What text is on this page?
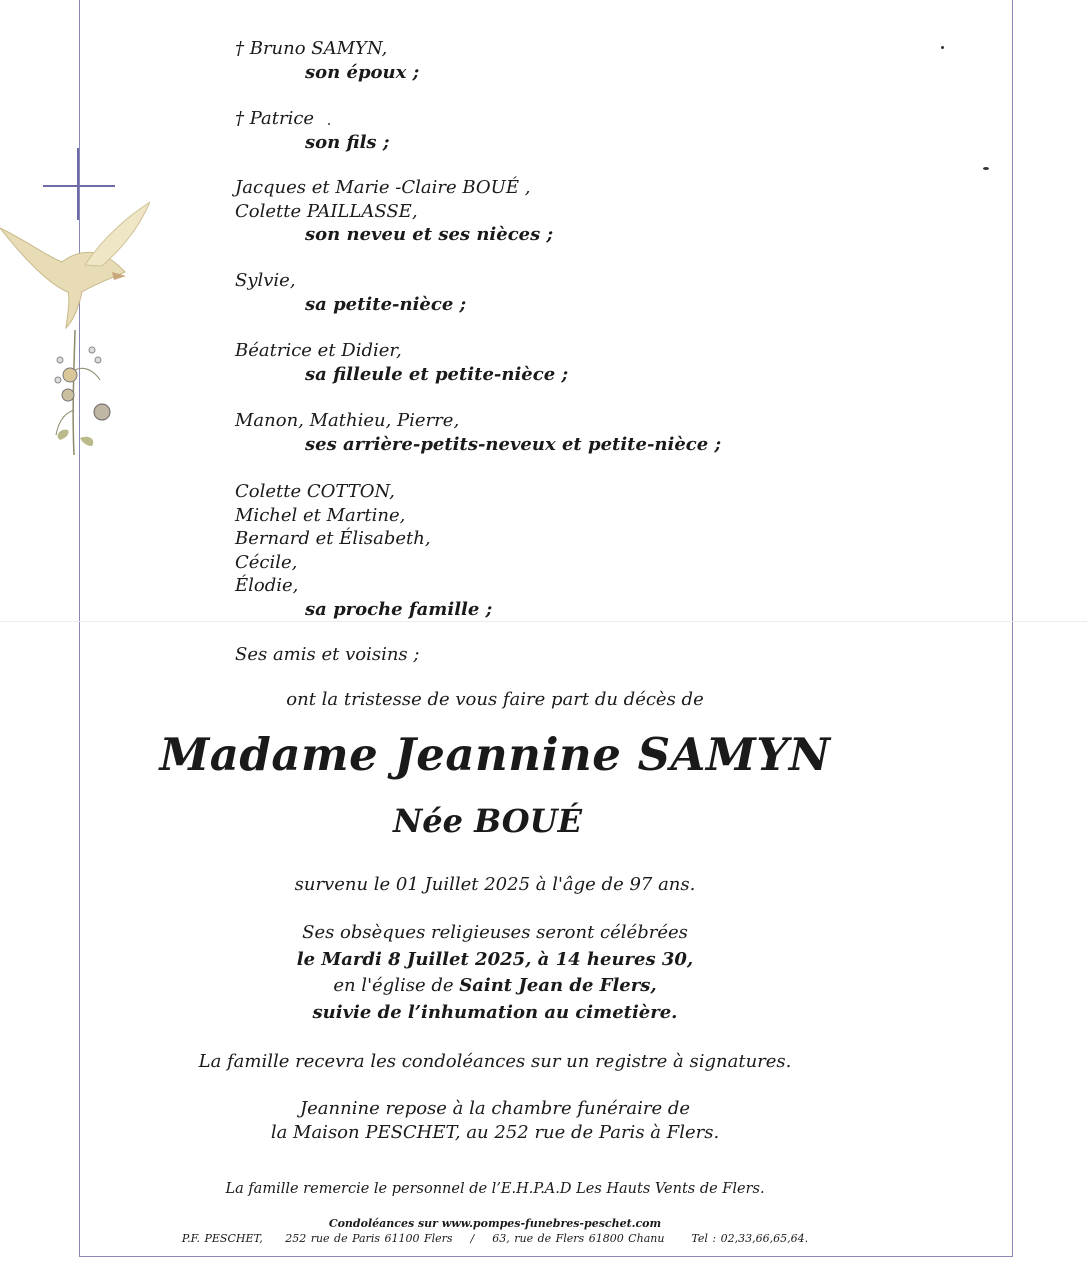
† Bruno SAMYN,
son époux ;
† Patrice
son fils ;
Jacques et Marie -Claire BOUÉ ,
Colette PAILLASSE,
son neveu et ses nièces ;
Sylvie,
sa petite-nièce ;
Béatrice et Didier,
sa filleule et petite-nièce ;
Manon, Mathieu, Pierre,
ses arrière-petits-neveux et petite-nièce ;
Colette COTTON,
Michel et Martine,
Bernard et Élisabeth,
Cécile,
Élodie,
sa proche famille ;
Ses amis et voisins ;
ont la tristesse de vous faire part du décès de
Madame Jeannine SAMYN
Née BOUÉ
survenu le 01 Juillet 2025 à l'âge de 97 ans.
Ses obsèques religieuses seront célébrées
le Mardi 8 Juillet 2025, à 14 heures 30,
en l'église de Saint Jean de Flers,
suivie de l’inhumation au cimetière.
La famille recevra les condoléances sur un registre à signatures.
Jeannine repose à la chambre funéraire de
la Maison PESCHET, au 252 rue de Paris à Flers.
La famille remercie le personnel de l’E.H.P.A.D Les Hauts Vents de Flers.
Condoléances sur www.pompes-funebres-peschet.com
P.F. PESCHET, 252 rue de Paris 61100 Flers / 63, rue de Flers 61800 Chanu Tel : 02,33,66,65,64.
